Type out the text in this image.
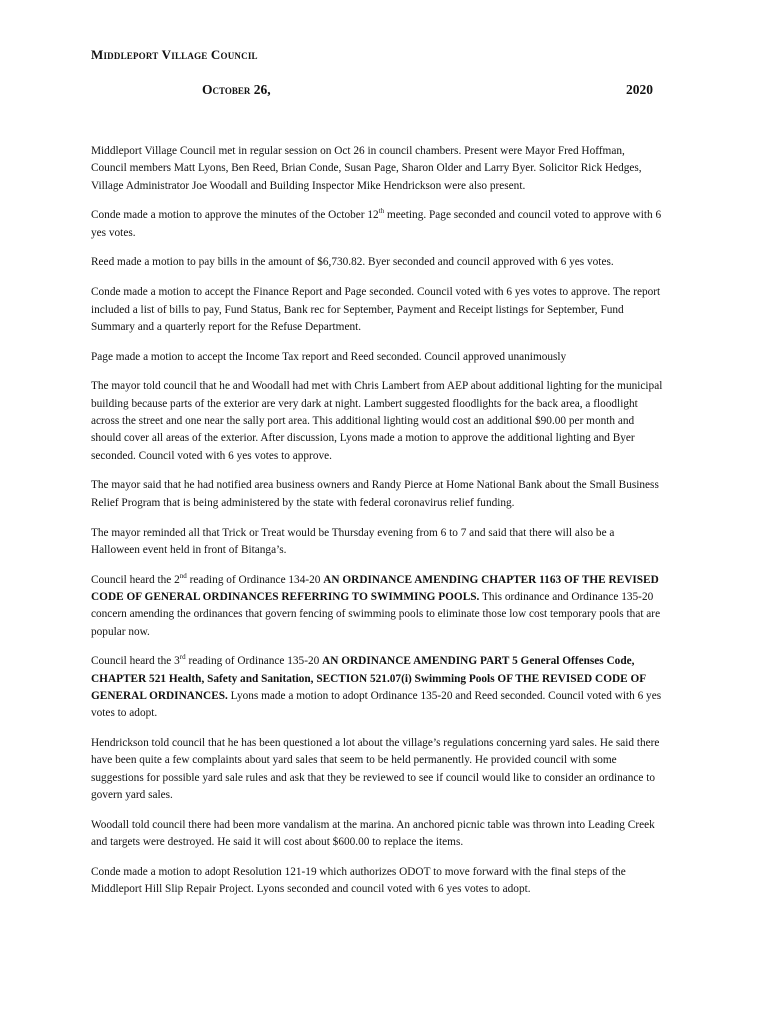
Middleport Village Council
October 26,	2020

Middleport Village Council met in regular session on Oct 26 in council chambers. Present were Mayor Fred Hoffman, Council members Matt Lyons, Ben Reed, Brian Conde, Susan Page, Sharon Older and Larry Byer. Solicitor Rick Hedges, Village Administrator Joe Woodall and Building Inspector Mike Hendrickson were also present.

Conde made a motion to approve the minutes of the October 12th meeting. Page seconded and council voted to approve with 6 yes votes.

Reed made a motion to pay bills in the amount of $6,730.82. Byer seconded and council approved with 6 yes votes.

Conde made a motion to accept the Finance Report and Page seconded. Council voted with 6 yes votes to approve. The report included a list of bills to pay, Fund Status, Bank rec for September, Payment and Receipt listings for September, Fund Summary and a quarterly report for the Refuse Department.

Page made a motion to accept the Income Tax report and Reed seconded. Council approved unanimously

The mayor told council that he and Woodall had met with Chris Lambert from AEP about additional lighting for the municipal building because parts of the exterior are very dark at night. Lambert suggested floodlights for the back area, a floodlight across the street and one near the sally port area. This additional lighting would cost an additional $90.00 per month and should cover all areas of the exterior. After discussion, Lyons made a motion to approve the additional lighting and Byer seconded. Council voted with 6 yes votes to approve.

The mayor said that he had notified area business owners and Randy Pierce at Home National Bank about the Small Business Relief Program that is being administered by the state with federal coronavirus relief funding.

The mayor reminded all that Trick or Treat would be Thursday evening from 6 to 7 and said that there will also be a Halloween event held in front of Bitanga’s.

Council heard the 2nd reading of Ordinance 134-20 AN ORDINANCE AMENDING CHAPTER 1163 OF THE REVISED CODE OF GENERAL ORDINANCES REFERRING TO SWIMMING POOLS. This ordinance and Ordinance 135-20 concern amending the ordinances that govern fencing of swimming pools to eliminate those low cost temporary pools that are popular now.

Council heard the 3rd reading of Ordinance 135-20 AN ORDINANCE AMENDING PART 5 General Offenses Code, CHAPTER 521 Health, Safety and Sanitation, SECTION 521.07(i) Swimming Pools OF THE REVISED CODE OF GENERAL ORDINANCES. Lyons made a motion to adopt Ordinance 135-20 and Reed seconded. Council voted with 6 yes votes to adopt.

Hendrickson told council that he has been questioned a lot about the village’s regulations concerning yard sales. He said there have been quite a few complaints about yard sales that seem to be held permanently. He provided council with some suggestions for possible yard sale rules and ask that they be reviewed to see if council would like to consider an ordinance to govern yard sales.

Woodall told council there had been more vandalism at the marina. An anchored picnic table was thrown into Leading Creek and targets were destroyed. He said it will cost about $600.00 to replace the items.

Conde made a motion to adopt Resolution 121-19 which authorizes ODOT to move forward with the final steps of the Middleport Hill Slip Repair Project. Lyons seconded and council voted with 6 yes votes to adopt.
